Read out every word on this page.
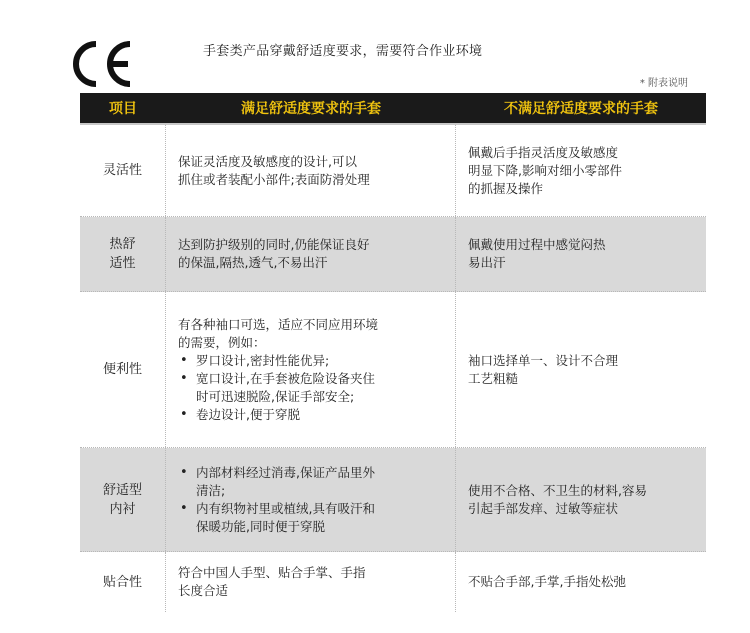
手套类产品穿戴舒适度要求，需要符合作业环境
* 附表说明
项目	满足舒适度要求的手套	不满足舒适度要求的手套
灵活性

保证灵活度及敏感度的设计,可以
抓住或者装配小部件;表面防滑处理

佩戴后手指灵活度及敏感度
明显下降,影响对细小零部件
的抓握及操作

热舒
适性

达到防护级别的同时,仍能保证良好
的保温,隔热,透气,不易出汗

佩戴使用过程中感觉闷热
易出汗

便利性

有各种袖口可选，适应不同应用环境
的需要，例如：

• 罗口设计,密封性能优异;
• 宽口设计,在手套被危险设备夹住
时可迅速脱险,保证手部安全;
• 卷边设计,便于穿脱

袖口选择单一、设计不合理
工艺粗糙

舒适型
内衬
• 内部材料经过消毒,保证产品里外
清洁;
• 内有织物衬里或植绒,具有吸汗和
保暖功能,同时便于穿脱

使用不合格、不卫生的材料,容易
引起手部发痒、过敏等症状

贴合性

符合中国人手型、贴合手掌、手指
长度合适

不贴合手部,手掌,手指处松弛
